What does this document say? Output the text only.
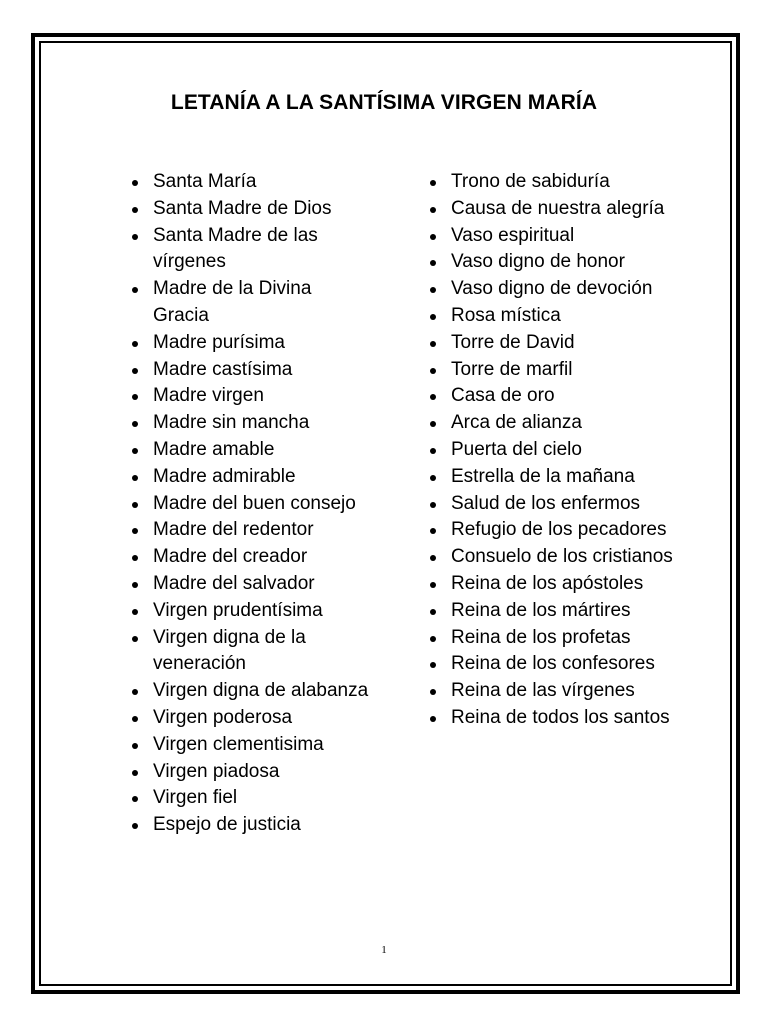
LETANÍA A LA SANTÍSIMA VIRGEN MARÍA
Santa María
Santa Madre de Dios
Santa Madre de las vírgenes
Madre de la Divina Gracia
Madre purísima
Madre castísima
Madre virgen
Madre sin mancha
Madre amable
Madre admirable
Madre del buen consejo
Madre del redentor
Madre del creador
Madre del salvador
Virgen prudentísima
Virgen digna de la veneración
Virgen digna de alabanza
Virgen poderosa
Virgen clementisima
Virgen piadosa
Virgen fiel
Espejo de justicia
Trono de sabiduría
Causa de nuestra alegría
Vaso espiritual
Vaso digno de honor
Vaso digno de devoción
Rosa mística
Torre de David
Torre de marfil
Casa de oro
Arca de alianza
Puerta del cielo
Estrella de la mañana
Salud de los enfermos
Refugio de los pecadores
Consuelo de los cristianos
Reina de los apóstoles
Reina de los mártires
Reina de los profetas
Reina de los confesores
Reina de las vírgenes
Reina de todos los santos
1
